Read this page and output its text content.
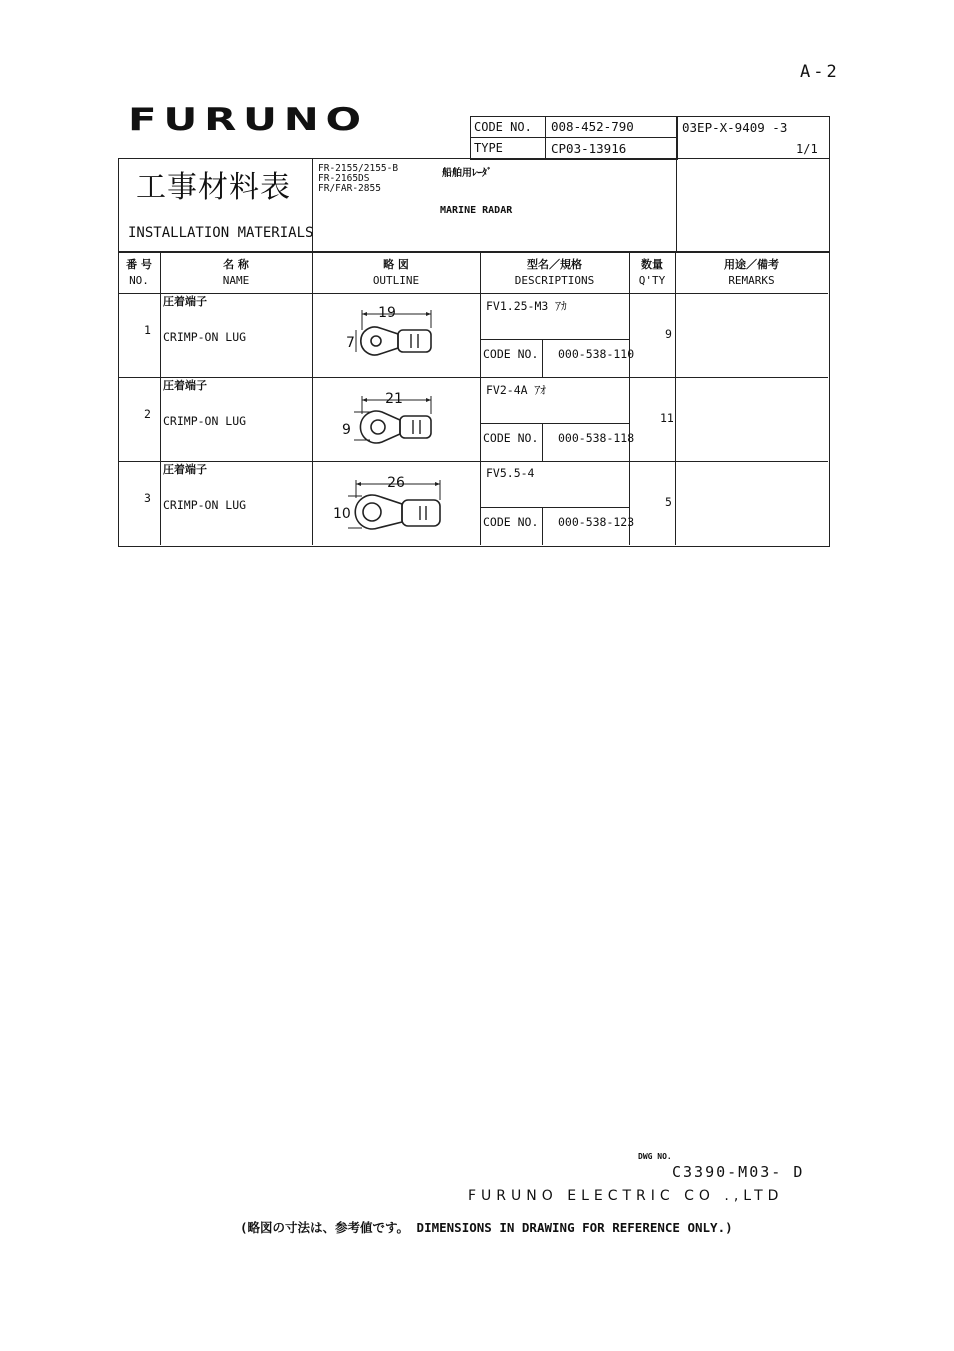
A-2
FURUNO	CODE NO. 008-452-790
TYPE	CP03-13916
03EP-X-9409 -3
1/1
工事材料表
INSTALLATION MATERIALS
FR-2155/2155-B
FR-2165DS
FR/FAR-2855
船舶用ﾚｰﾀﾞ
MARINE RADAR
番 号
NO.
名 称
NAME
略 図
OUTLINE
型名／規格
DESCRIPTIONS
数量
Q'TY
用途／備考
REMARKS
1
圧着端子
CRIMP-ON LUG
19
7
FV1.25-M3 ｱｶ
CODE NO. 000-538-110
9
2
圧着端子
CRIMP-ON LUG
21
9
FV2-4A ｱｵ
CODE NO. 000-538-118
11
3
圧着端子
CRIMP-ON LUG
26
10
FV5.5-4
CODE NO. 000-538-123
5
DWG NO.
C3390-M03- D
FURUNO ELECTRIC CO .,LTD
(略図の寸法は、参考値です。 DIMENSIONS IN DRAWING FOR REFERENCE ONLY.)
